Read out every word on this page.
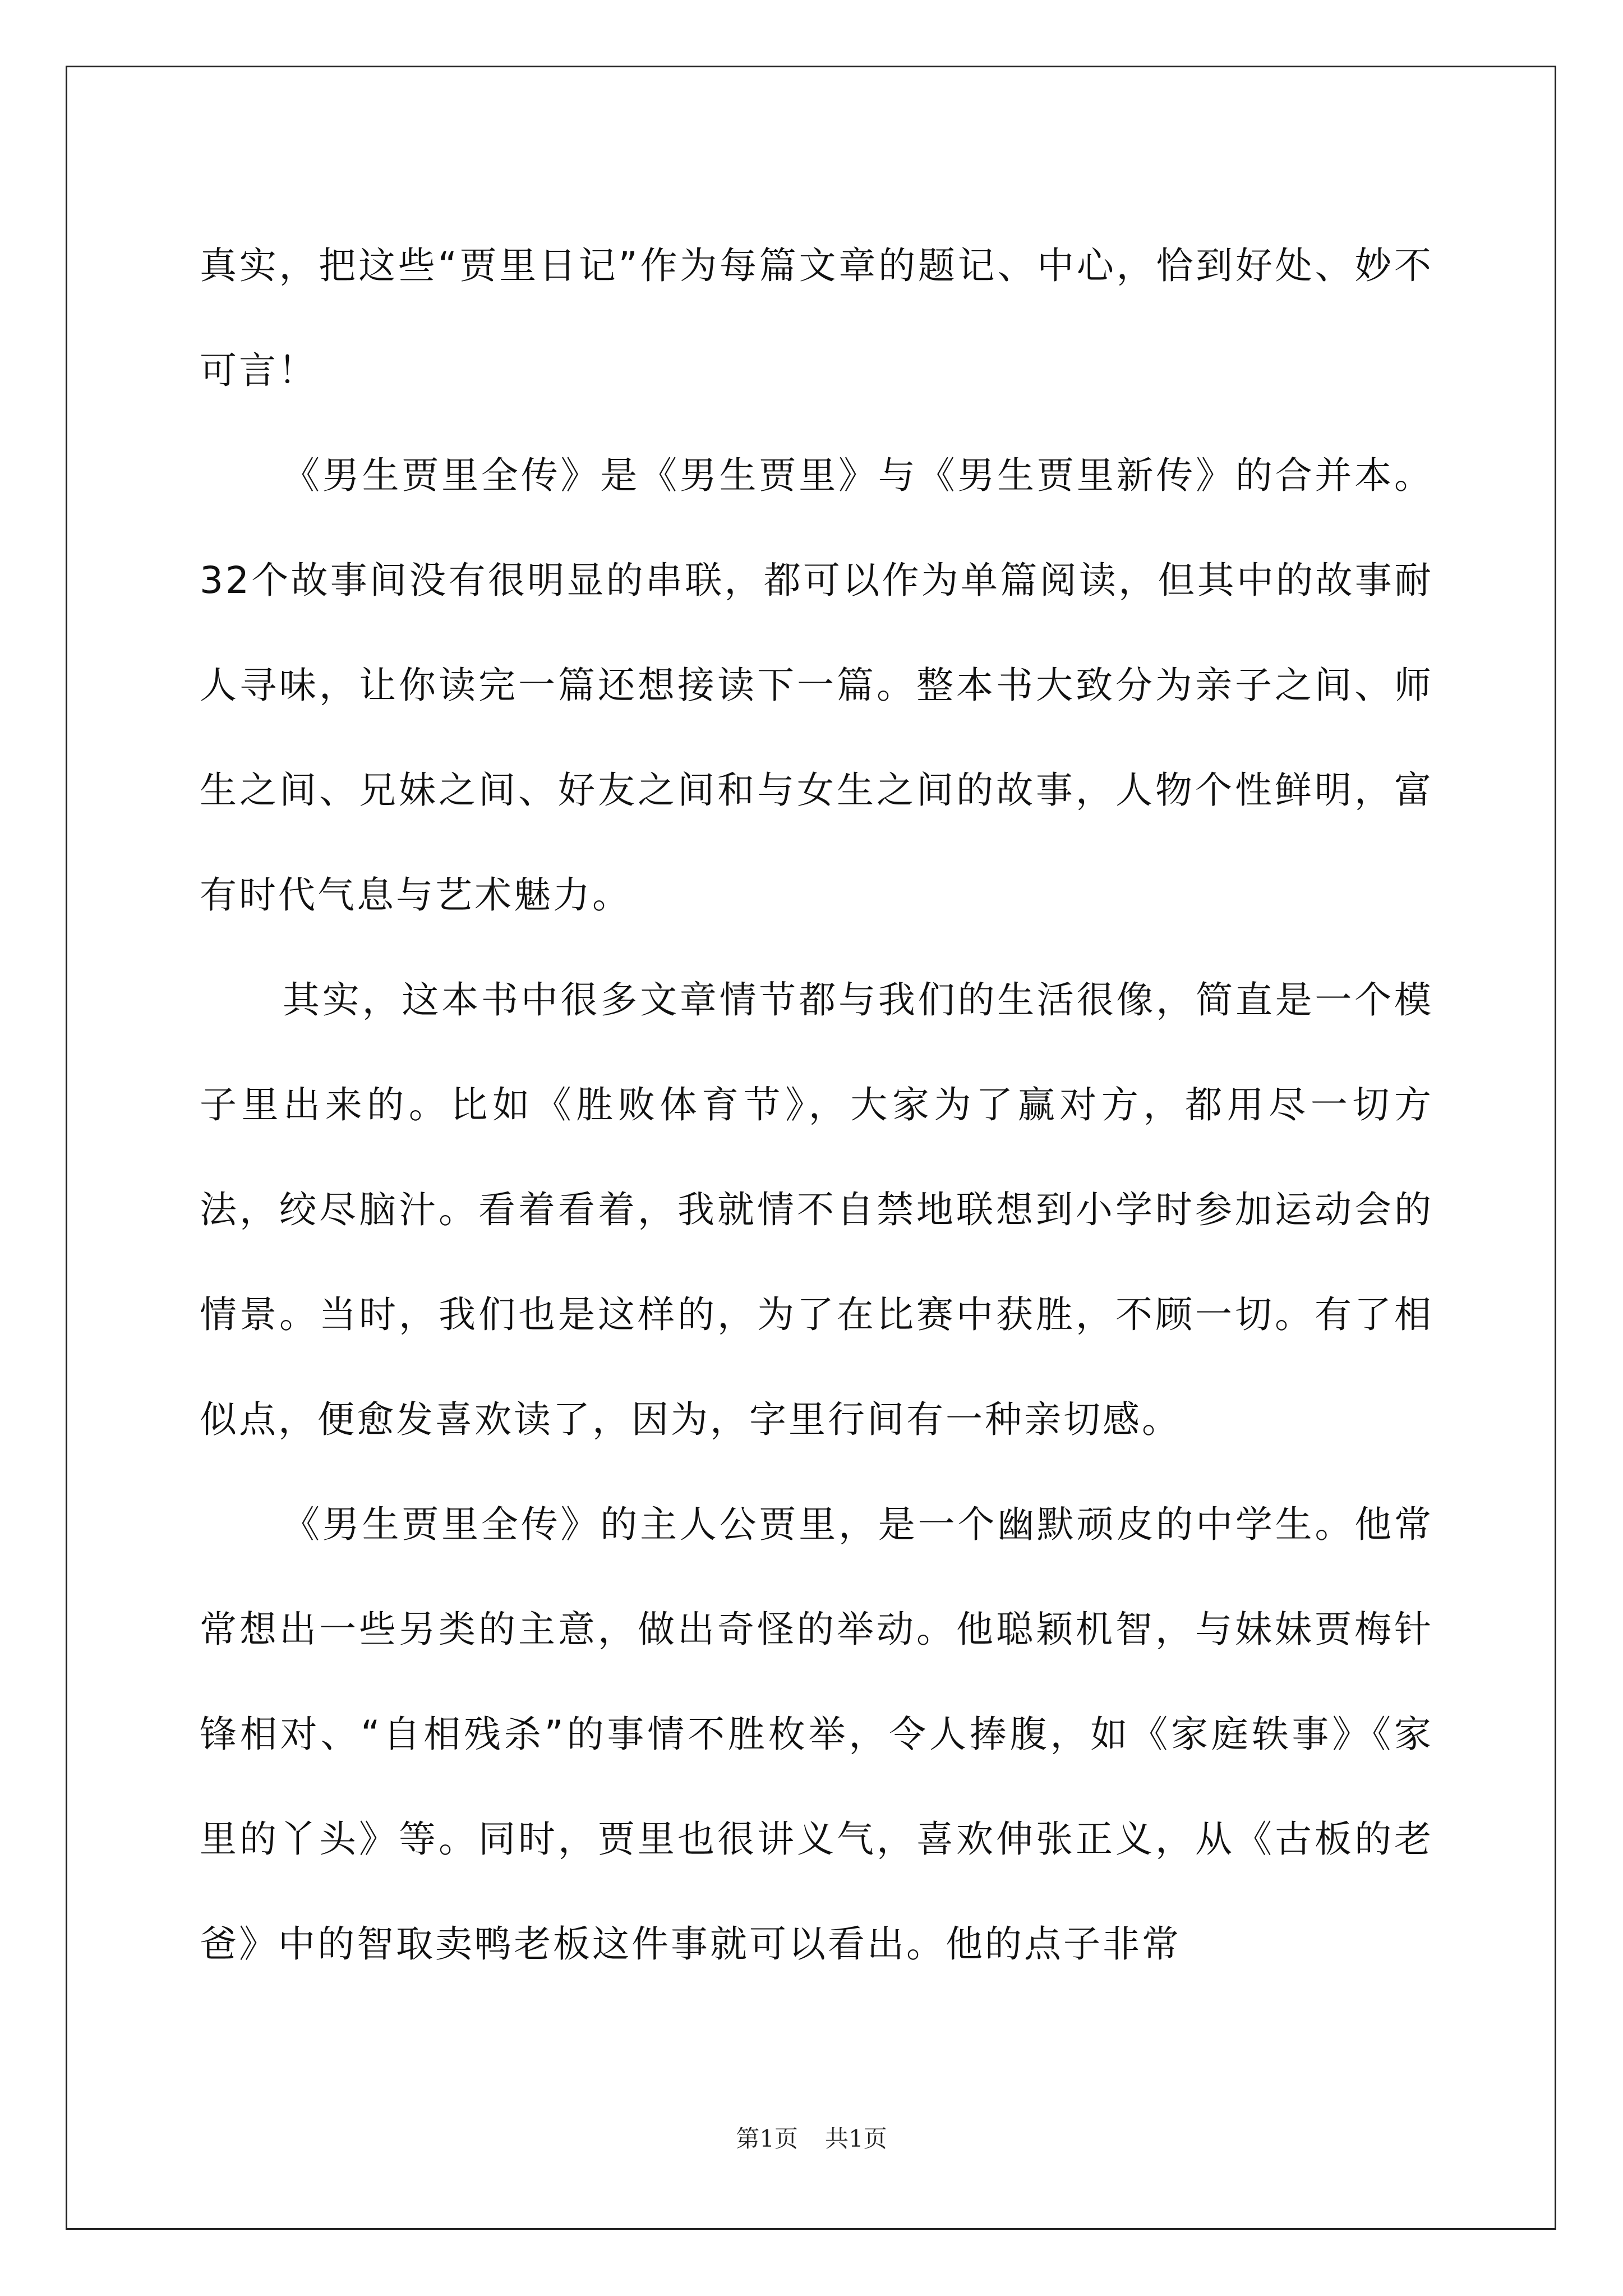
真实，把这些“贾里日记”作为每篇文章的题记、中心，恰到好处、妙不可言！

《男生贾里全传》是《男生贾里》与《男生贾里新传》的合并本。32个故事间没有很明显的串联，都可以作为单篇阅读，但其中的故事耐人寻味，让你读完一篇还想接读下一篇。整本书大致分为亲子之间、师生之间、兄妹之间、好友之间和与女生之间的故事，人物个性鲜明，富有时代气息与艺术魅力。

其实，这本书中很多文章情节都与我们的生活很像，简直是一个模子里出来的。比如《胜败体育节》，大家为了赢对方，都用尽一切方法，绞尽脑汁。看着看着，我就情不自禁地联想到小学时参加运动会的情景。当时，我们也是这样的，为了在比赛中获胜，不顾一切。有了相似点，便愈发喜欢读了，因为，字里行间有一种亲切感。

《男生贾里全传》的主人公贾里，是一个幽默顽皮的中学生。他常常想出一些另类的主意，做出奇怪的举动。他聪颖机智，与妹妹贾梅针锋相对、“自相残杀”的事情不胜枚举，令人捧腹，如《家庭轶事》《家里的丫头》等。同时，贾里也很讲义气，喜欢伸张正义，从《古板的老爸》中的智取卖鸭老板这件事就可以看出。他的点子非常

第1页 共1页
